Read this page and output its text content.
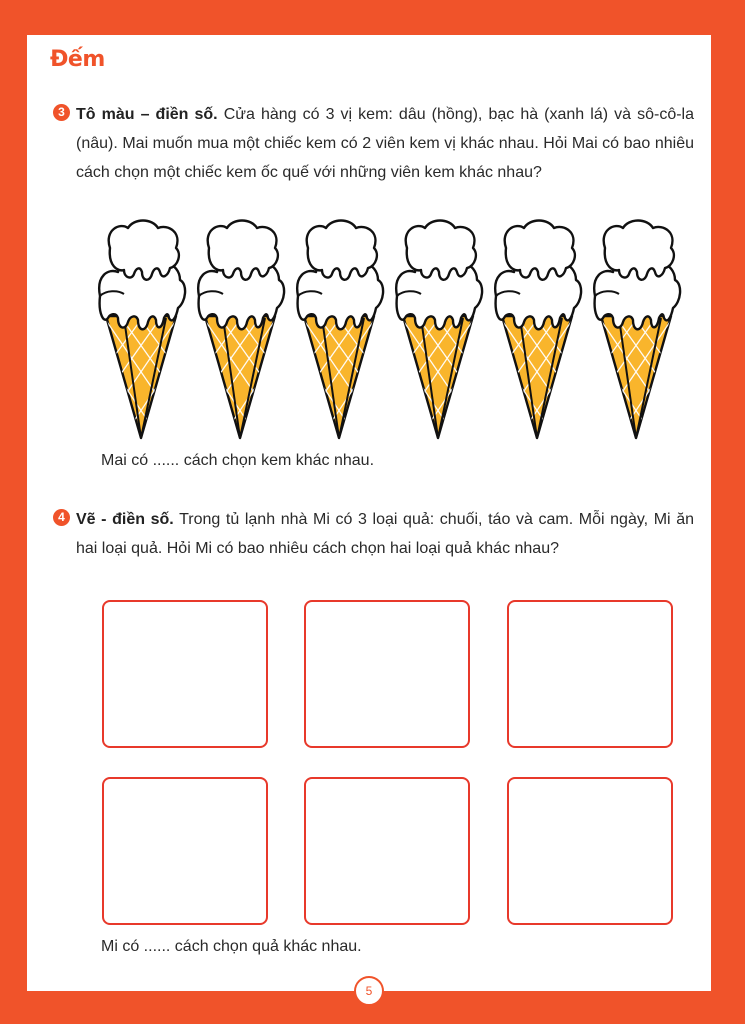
Đếm
3 Tô màu – điền số. Cửa hàng có 3 vị kem: dâu (hồng), bạc hà (xanh lá) và sô-cô-la (nâu). Mai muốn mua một chiếc kem có 2 viên kem vị khác nhau. Hỏi Mai có bao nhiêu cách chọn một chiếc kem ốc quế với những viên kem khác nhau?

Mai có ...... cách chọn kem khác nhau.

4 Vẽ - điền số. Trong tủ lạnh nhà Mi có 3 loại quả: chuối, táo và cam. Mỗi ngày, Mi ăn hai loại quả. Hỏi Mi có bao nhiêu cách chọn hai loại quả khác nhau?

Mi có ...... cách chọn quả khác nhau.

5
